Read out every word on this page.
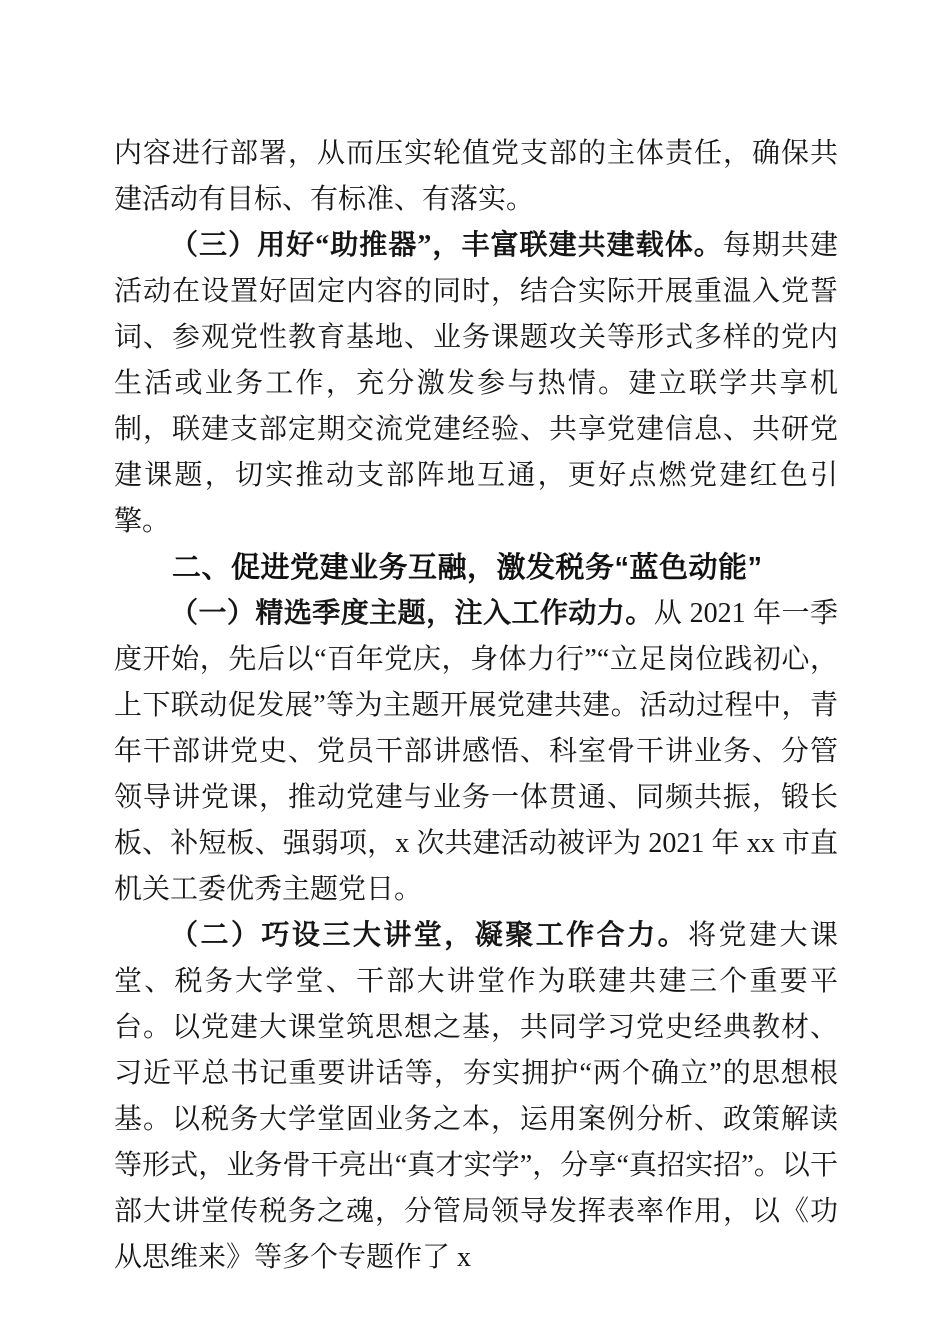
内容进行部署，从而压实轮值党支部的主体责任，确保共建活动有目标、有标准、有落实。

（三）用好“助推器”，丰富联建共建载体。每期共建活动在设置好固定内容的同时，结合实际开展重温入党誓词、参观党性教育基地、业务课题攻关等形式多样的党内生活或业务工作，充分激发参与热情。建立联学共享机制，联建支部定期交流党建经验、共享党建信息、共研党建课题，切实推动支部阵地互通，更好点燃党建红色引擎。

二、促进党建业务互融，激发税务“蓝色动能”

（一）精选季度主题，注入工作动力。从 2021 年一季度开始，先后以“百年党庆，身体力行”“立足岗位践初心，上下联动促发展”等为主题开展党建共建。活动过程中，青年干部讲党史、党员干部讲感悟、科室骨干讲业务、分管领导讲党课，推动党建与业务一体贯通、同频共振，锻长板、补短板、强弱项，x 次共建活动被评为 2021 年 xx 市直机关工委优秀主题党日。

（二）巧设三大讲堂，凝聚工作合力。将党建大课堂、税务大学堂、干部大讲堂作为联建共建三个重要平台。以党建大课堂筑思想之基，共同学习党史经典教材、习近平总书记重要讲话等，夯实拥护“两个确立”的思想根基。以税务大学堂固业务之本，运用案例分析、政策解读等形式，业务骨干亮出“真才实学”，分享“真招实招”。以干部大讲堂传税务之魂，分管局领导发挥表率作用，以《功从思维来》等多个专题作了 x
